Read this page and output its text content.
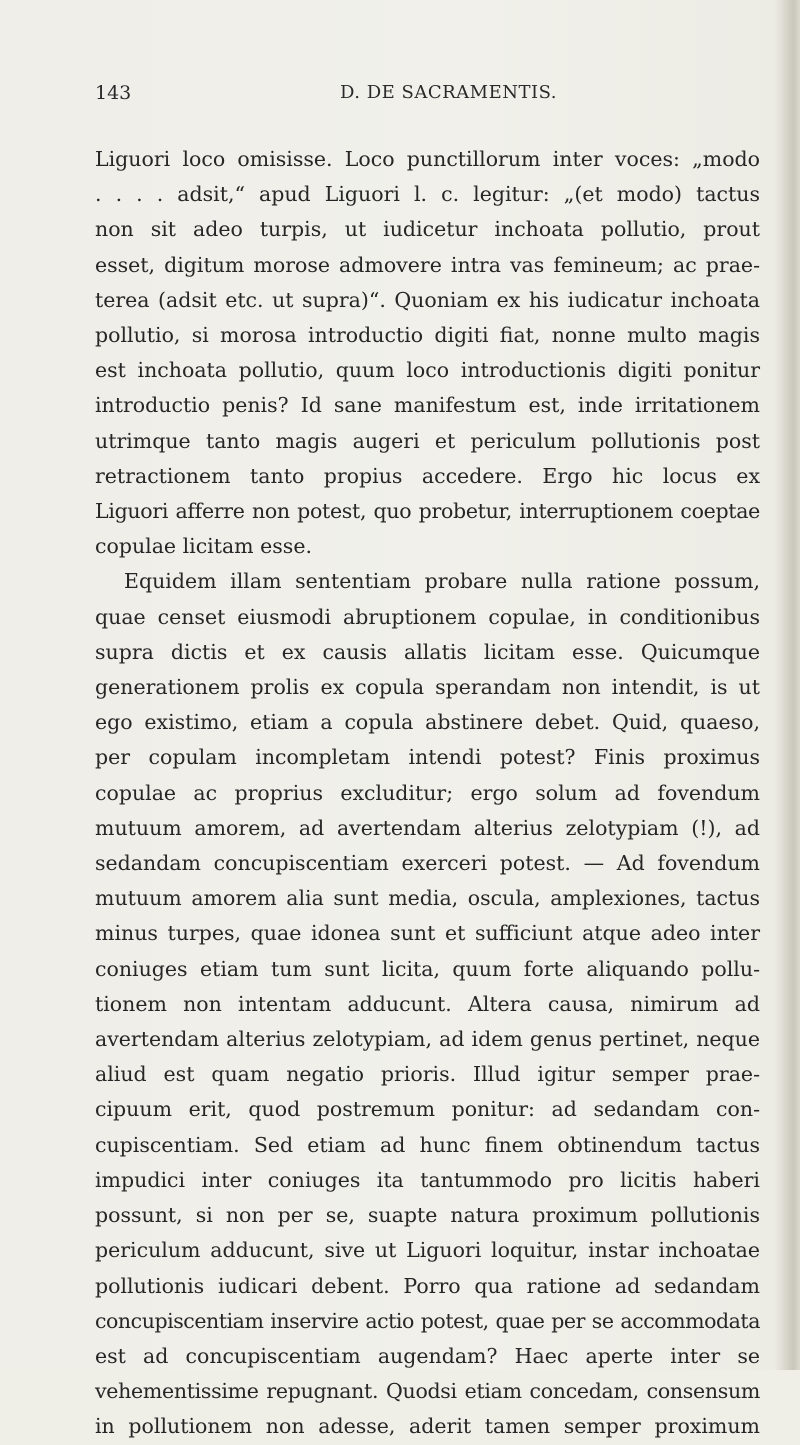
143	D. DE SACRAMENTIS.
Liguori loco omisisse. Loco punctillorum inter voces: „modo
. . . . adsit,“ apud Liguori l. c. legitur: „(et modo) tactus
non sit adeo turpis, ut iudicetur inchoata pollutio, prout
esset, digitum morose admovere intra vas femineum; ac prae-
terea (adsit etc. ut supra)“. Quoniam ex his iudicatur inchoata
pollutio, si morosa introductio digiti fiat, nonne multo magis
est inchoata pollutio, quum loco introductionis digiti ponitur
introductio penis? Id sane manifestum est, inde irritationem
utrimque tanto magis augeri et periculum pollutionis post
retractionem tanto propius accedere. Ergo hic locus ex
Liguori afferre non potest, quo probetur, interruptionem coeptae
copulae licitam esse.
Equidem illam sententiam probare nulla ratione possum,
quae censet eiusmodi abruptionem copulae, in conditionibus
supra dictis et ex causis allatis licitam esse. Quicumque
generationem prolis ex copula sperandam non intendit, is ut
ego existimo, etiam a copula abstinere debet. Quid, quaeso,
per copulam incompletam intendi potest? Finis proximus
copulae ac proprius excluditur; ergo solum ad fovendum
mutuum amorem, ad avertendam alterius zelotypiam (!), ad
sedandam concupiscentiam exerceri potest. — Ad fovendum
mutuum amorem alia sunt media, oscula, amplexiones, tactus
minus turpes, quae idonea sunt et sufficiunt atque adeo inter
coniuges etiam tum sunt licita, quum forte aliquando pollu-
tionem non intentam adducunt. Altera causa, nimirum ad
avertendam alterius zelotypiam, ad idem genus pertinet, neque
aliud est quam negatio prioris. Illud igitur semper prae-
cipuum erit, quod postremum ponitur: ad sedandam con-
cupiscentiam. Sed etiam ad hunc finem obtinendum tactus
impudici inter coniuges ita tantummodo pro licitis haberi
possunt, si non per se, suapte natura proximum pollutionis
periculum adducunt, sive ut Liguori loquitur, instar inchoatae
pollutionis iudicari debent. Porro qua ratione ad sedandam
concupiscentiam inservire actio potest, quae per se accommodata
est ad concupiscentiam augendam? Haec aperte inter se
vehementissime repugnant. Quodsi etiam concedam, consensum
in pollutionem non adesse, aderit tamen semper proximum
